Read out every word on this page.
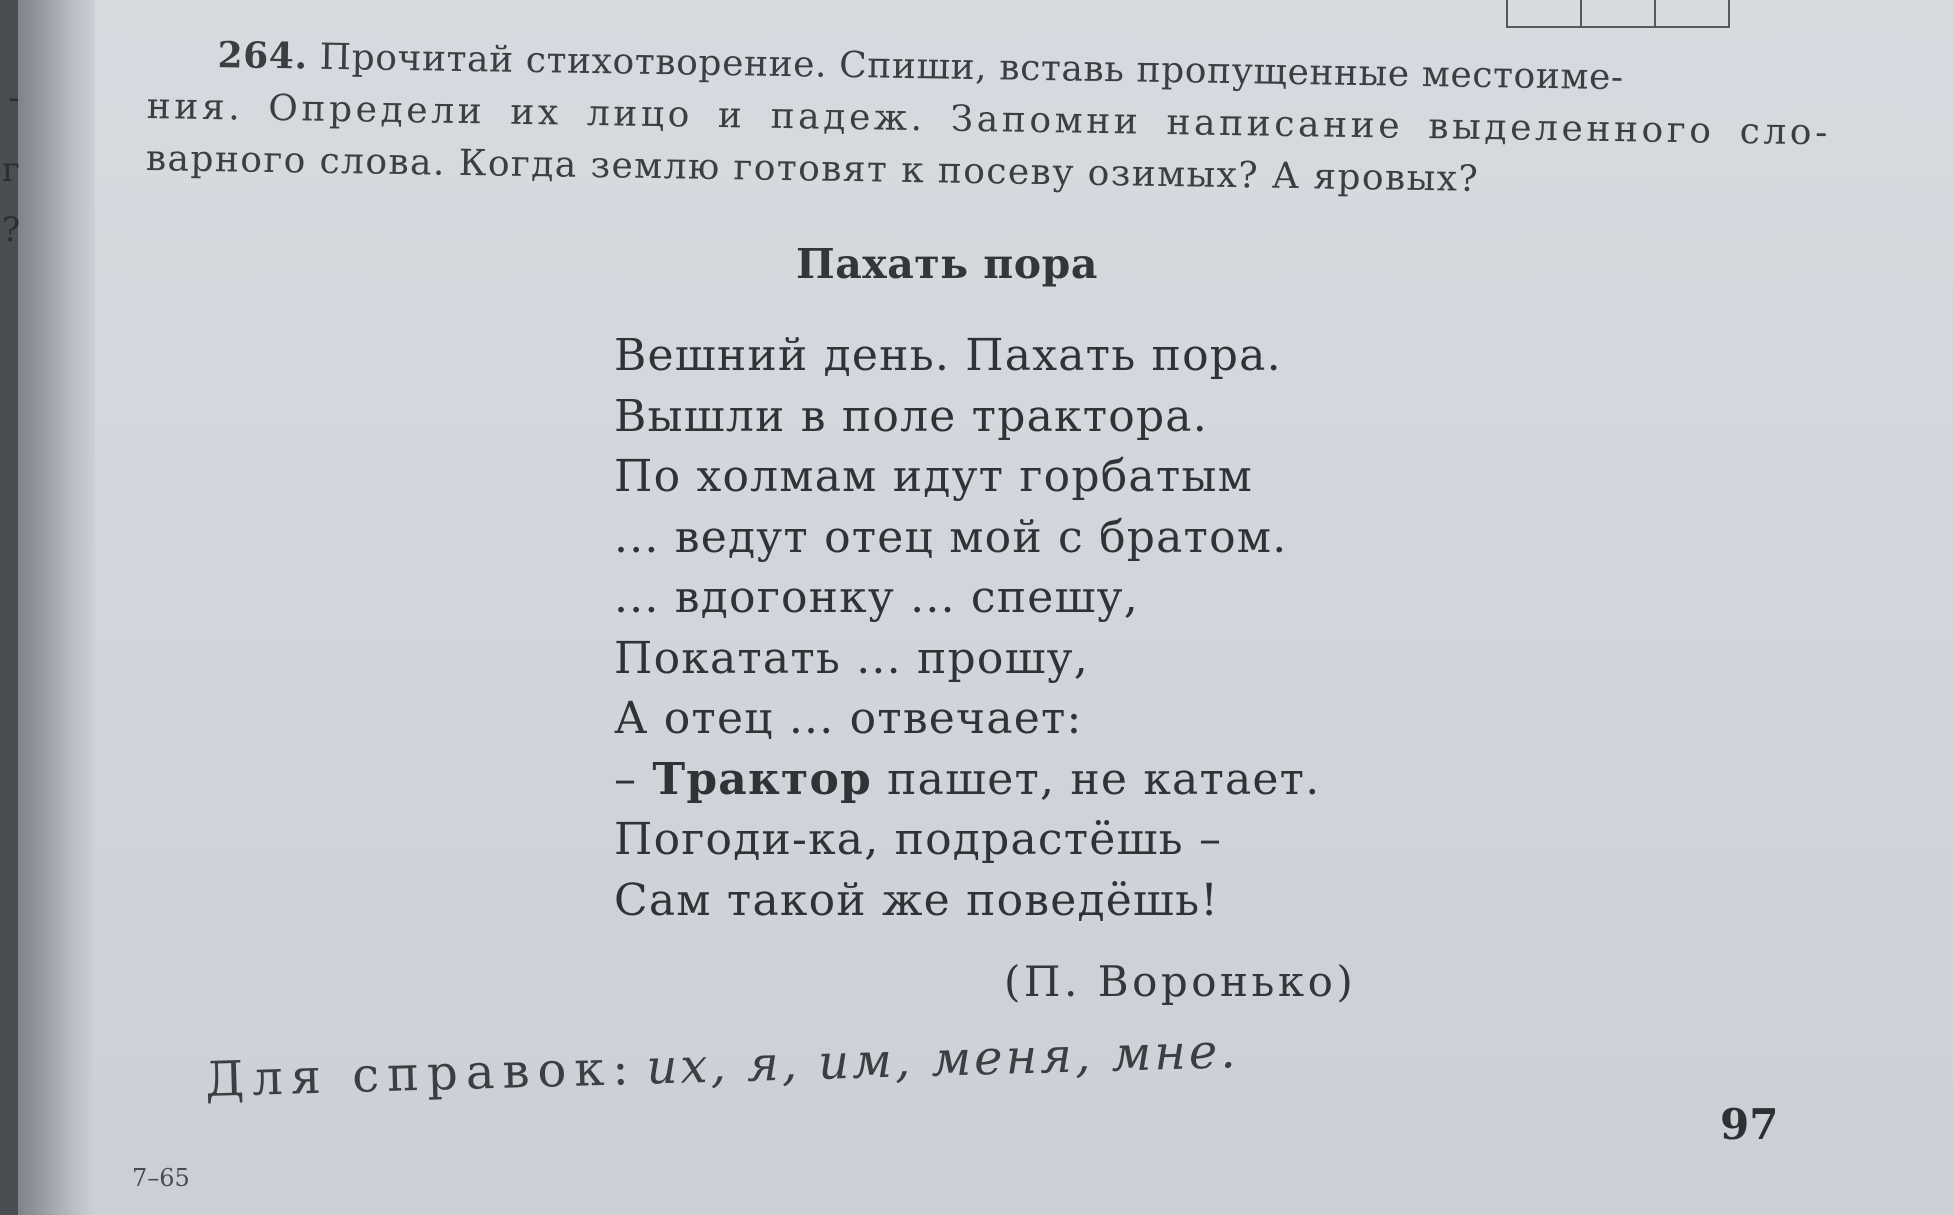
-
г
?
264. Прочитай стихотворение. Спиши, вставь пропущенные местоиме-
ния. Определи их лицо и падеж. Запомни написание выделенного сло-
варного слова. Когда землю готовят к посеву озимых? А яровых?
Пахать пора
Вешний день. Пахать пора.
Вышли в поле трактора.
По холмам идут горбатым
... ведут отец мой с братом.
... вдогонку ... спешу,
Покатать ... прошу,
А отец ... отвечает:
– Трактор пашет, не катает.
Погоди-ка, подрастёшь –
Сам такой же поведёшь!
(П. Воронько)
Для справок: их, я, им, меня, мне.
97
7–65
